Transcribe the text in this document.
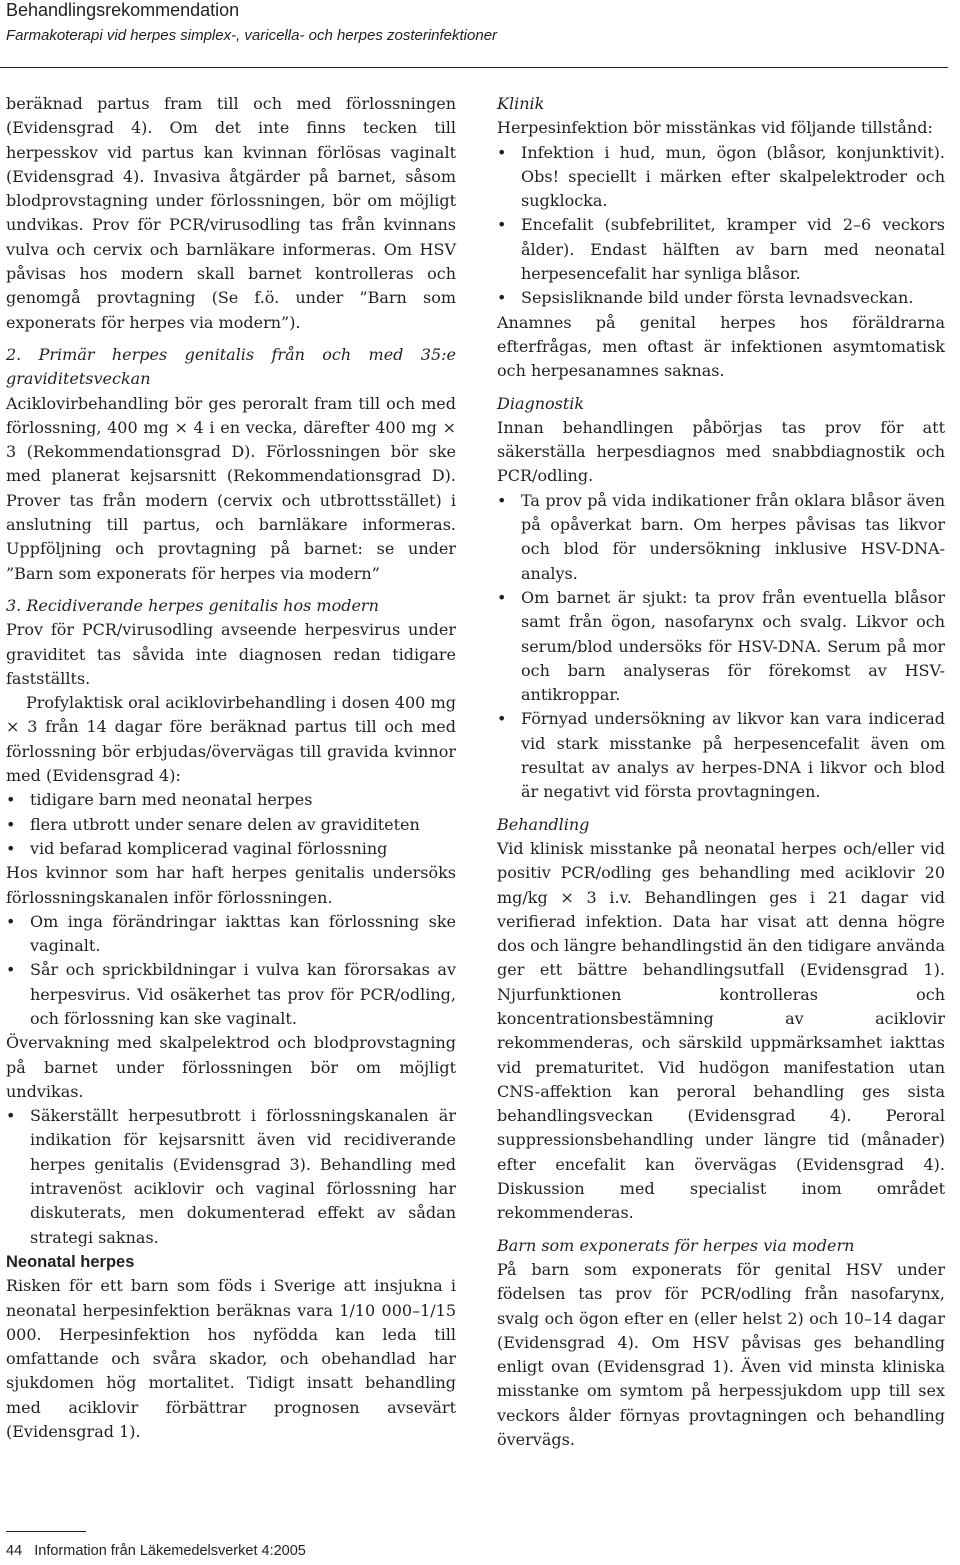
Behandlingsrekommendation
Farmakoterapi vid herpes simplex-, varicella- och herpes zosterinfektioner

beräknad partus fram till och med förlossningen (Evidensgrad 4). Om det inte finns tecken till herpesskov vid partus kan kvinnan förlösas vaginalt (Evidensgrad 4). Invasiva åtgärder på barnet, såsom blodprovstagning under förlossningen, bör om möjligt undvikas. Prov för PCR/virusodling tas från kvinnans vulva och cervix och barnläkare informeras. Om HSV påvisas hos modern skall barnet kontrolleras och genomgå provtagning (Se f.ö. under ”Barn som exponerats för herpes via modern”).

2. Primär herpes genitalis från och med 35:e graviditetsveckan

Aciklovirbehandling bör ges peroralt fram till och med förlossning, 400 mg × 4 i en vecka, därefter 400 mg × 3 (Rekommendationsgrad D). Förlossningen bör ske med planerat kejsarsnitt (Rekommendationsgrad D). Prover tas från modern (cervix och utbrottsstället) i anslutning till partus, och barnläkare informeras. Uppföljning och provtagning på barnet: se under ”Barn som exponerats för herpes via modern”

3. Recidiverande herpes genitalis hos modern

Prov för PCR/virusodling avseende herpesvirus under graviditet tas såvida inte diagnosen redan tidigare fastställts.

Profylaktisk oral aciklovirbehandling i dosen 400 mg × 3 från 14 dagar före beräknad partus till och med förlossning bör erbjudas/övervägas till gravida kvinnor med (Evidensgrad 4):

• tidigare barn med neonatal herpes
• flera utbrott under senare delen av graviditeten
• vid befarad komplicerad vaginal förlossning

Hos kvinnor som har haft herpes genitalis undersöks förlossningskanalen inför förlossningen.

• Om inga förändringar iakttas kan förlossning ske vaginalt.
• Sår och sprickbildningar i vulva kan förorsakas av herpesvirus. Vid osäkerhet tas prov för PCR/odling, och förlossning kan ske vaginalt.

Övervakning med skalpelektrod och blodprovstagning på barnet under förlossningen bör om möjligt undvikas.

• Säkerställt herpesutbrott i förlossningskanalen är indikation för kejsarsnitt även vid recidiverande herpes genitalis (Evidensgrad 3). Behandling med intravenöst aciklovir och vaginal förlossning har diskuterats, men dokumenterad effekt av sådan strategi saknas.

Neonatal herpes

Risken för ett barn som föds i Sverige att insjukna i neonatal herpesinfektion beräknas vara 1/10 000–1/15 000. Herpesinfektion hos nyfödda kan leda till omfattande och svåra skador, och obehandlad har sjukdomen hög mortalitet. Tidigt insatt behandling med aciklovir förbättrar prognosen avsevärt (Evidensgrad 1).

Klinik

Herpesinfektion bör misstänkas vid följande tillstånd:

• Infektion i hud, mun, ögon (blåsor, konjunktivit). Obs! speciellt i märken efter skalpelektroder och sugklocka.
• Encefalit (subfebrilitet, kramper vid 2–6 veckors ålder). Endast hälften av barn med neonatal herpesencefalit har synliga blåsor.
• Sepsisliknande bild under första levnadsveckan.

Anamnes på genital herpes hos föräldrarna efterfrågas, men oftast är infektionen asymtomatisk och herpesanamnes saknas.

Diagnostik

Innan behandlingen påbörjas tas prov för att säkerställa herpesdiagnos med snabbdiagnostik och PCR/odling.

• Ta prov på vida indikationer från oklara blåsor även på opåverkat barn. Om herpes påvisas tas likvor och blod för undersökning inklusive HSV-DNA-analys.
• Om barnet är sjukt: ta prov från eventuella blåsor samt från ögon, nasofarynx och svalg. Likvor och serum/blod undersöks för HSV-DNA. Serum på mor och barn analyseras för förekomst av HSV-antikroppar.
• Förnyad undersökning av likvor kan vara indicerad vid stark misstanke på herpesencefalit även om resultat av analys av herpes-DNA i likvor och blod är negativt vid första provtagningen.

Behandling

Vid klinisk misstanke på neonatal herpes och/eller vid positiv PCR/odling ges behandling med aciklovir 20 mg/kg × 3 i.v. Behandlingen ges i 21 dagar vid verifierad infektion. Data har visat att denna högre dos och längre behandlingstid än den tidigare använda ger ett bättre behandlingsutfall (Evidensgrad 1). Njurfunktionen kontrolleras och koncentrationsbestämning av aciklovir rekommenderas, och särskild uppmärksamhet iakttas vid prematuritet. Vid hudögon manifestation utan CNS-affektion kan peroral behandling ges sista behandlingsveckan (Evidensgrad 4). Peroral suppressionsbehandling under längre tid (månader) efter encefalit kan övervägas (Evidensgrad 4). Diskussion med specialist inom området rekommenderas.

Barn som exponerats för herpes via modern

På barn som exponerats för genital HSV under födelsen tas prov för PCR/odling från nasofarynx, svalg och ögon efter en (eller helst 2) och 10–14 dagar (Evidensgrad 4). Om HSV påvisas ges behandling enligt ovan (Evidensgrad 1). Även vid minsta kliniska misstanke om symtom på herpessjukdom upp till sex veckors ålder förnyas provtagningen och behandling övervägs.

44 Information från Läkemedelsverket 4:2005
